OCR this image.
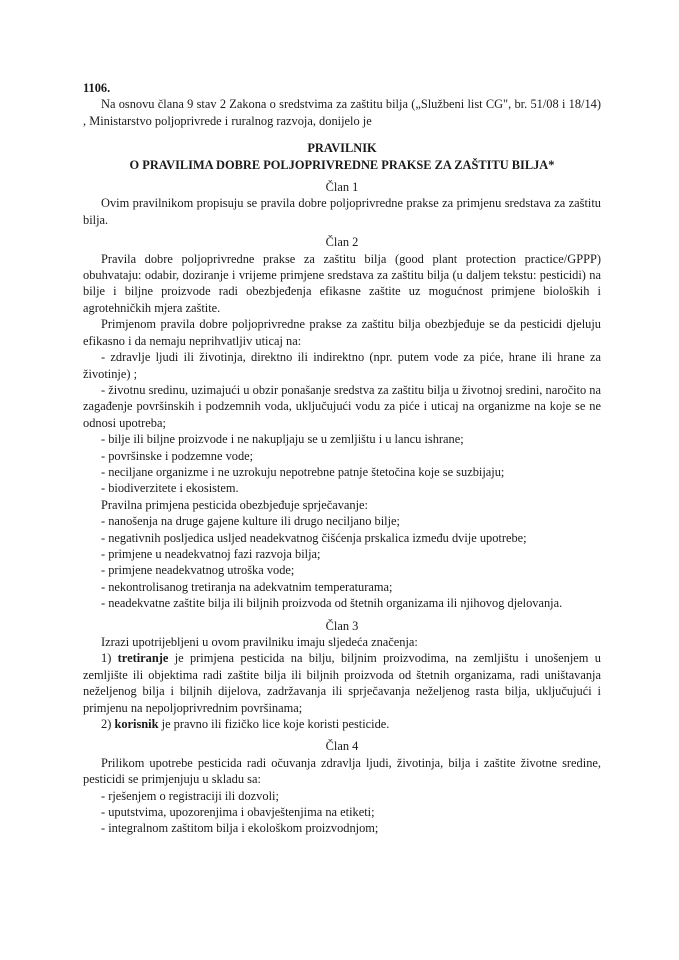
1106.

Na osnovu člana 9 stav 2 Zakona o sredstvima za zaštitu bilja („Službeni list CG", br. 51/08 i 18/14) , Ministarstvo poljoprivrede i ruralnog razvoja, donijelo je

PRAVILNIK

O PRAVILIMA DOBRE POLJOPRIVREDNE PRAKSE ZA ZAŠTITU BILJA*

Član 1

Ovim pravilnikom propisuju se pravila dobre poljoprivredne prakse za primjenu sredstava za zaštitu bilja.

Član 2

Pravila dobre poljoprivredne prakse za zaštitu bilja (good plant protection practice/GPPP) obuhvataju: odabir, doziranje i vrijeme primjene sredstava za zaštitu bilja (u daljem tekstu: pesticidi) na bilje i biljne proizvode radi obezbjeđenja efikasne zaštite uz mogućnost primjene bioloških i agrotehničkih mjera zaštite.

Primjenom pravila dobre poljoprivredne prakse za zaštitu bilja obezbjeđuje se da pesticidi djeluju efikasno i da nemaju neprihvatljiv uticaj na:

- zdravlje ljudi ili životinja, direktno ili indirektno (npr. putem vode za piće, hrane ili hrane za životinje) ;

- životnu sredinu, uzimajući u obzir ponašanje sredstva za zaštitu bilja u životnoj sredini, naročito na zagađenje površinskih i podzemnih voda, uključujući vodu za piće i uticaj na organizme na koje se ne odnosi upotreba;

- bilje ili biljne proizvode i ne nakupljaju se u zemljištu i u lancu ishrane;

- površinske i podzemne vode;

- neciljane organizme i ne uzrokuju nepotrebne patnje štetočina koje se suzbijaju;

- biodiverzitete i ekosistem.

Pravilna primjena pesticida obezbjeđuje sprječavanje:

- nanošenja na druge gajene kulture ili drugo neciljano bilje;

- negativnih posljedica usljed neadekvatnog čišćenja prskalica između dvije upotrebe;

- primjene u neadekvatnoj fazi razvoja bilja;

- primjene neadekvatnog utroška vode;

- nekontrolisanog tretiranja na adekvatnim temperaturama;

- neadekvatne zaštite bilja ili biljnih proizvoda od štetnih organizama ili njihovog djelovanja.

Član 3

Izrazi upotrijebljeni u ovom pravilniku imaju sljedeća značenja:

1) tretiranje je primjena pesticida na bilju, biljnim proizvodima, na zemljištu i unošenjem u zemljište ili objektima radi zaštite bilja ili biljnih proizvoda od štetnih organizama, radi uništavanja neželjenog bilja i biljnih dijelova, zadržavanja ili sprječavanja neželjenog rasta bilja, uključujući i primjenu na nepoljoprivrednim površinama;

2) korisnik je pravno ili fizičko lice koje koristi pesticide.

Član 4

Prilikom upotrebe pesticida radi očuvanja zdravlja ljudi, životinja, bilja i zaštite životne sredine, pesticidi se primjenjuju u skladu sa:

- rješenjem o registraciji ili dozvoli;

- uputstvima, upozorenjima i obavještenjima na etiketi;

- integralnom zaštitom bilja i ekološkom proizvodnjom;
